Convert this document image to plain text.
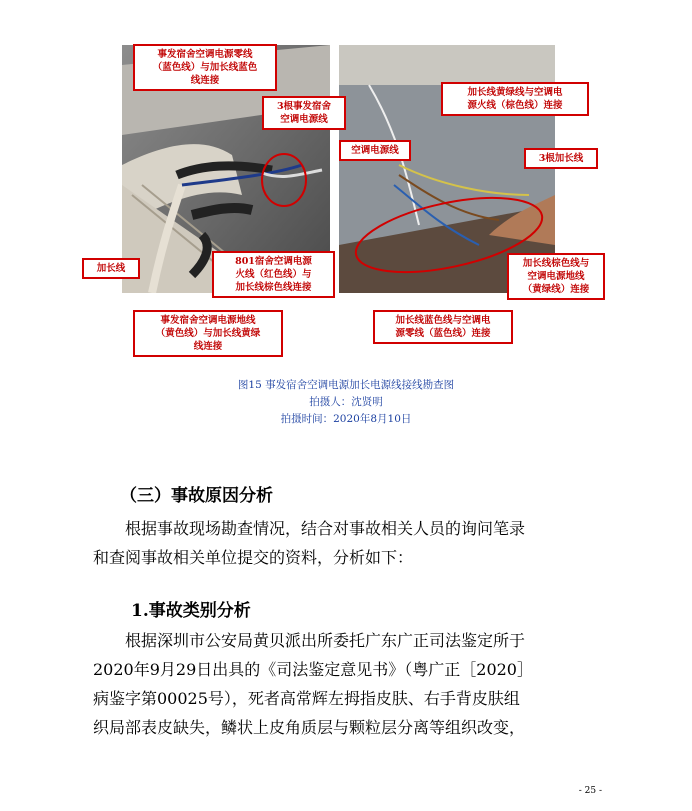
事发宿舍空调电源零线
（蓝色线）与加长线蓝色
线连接
3根事发宿舍
空调电源线
加长线
801宿舍空调电源
火线（红色线）与
加长线棕色线连接
事发宿舍空调电源地线
（黄色线）与加长线黄绿
线连接
空调电源线
加长线黄绿线与空调电
源火线（棕色线）连接
3根加长线
加长线棕色线与
空调电源地线
（黄绿线）连接
加长线蓝色线与空调电
源零线（蓝色线）连接
图15 事发宿舍空调电源加长电源线接线勘查图
拍摄人：沈贤明
拍摄时间：2020年8月10日
（三）事故原因分析
根据事故现场勘查情况，结合对事故相关人员的询问笔录
和查阅事故相关单位提交的资料，分析如下：
1.事故类别分析
根据深圳市公安局黄贝派出所委托广东广正司法鉴定所于
2020年9月29日出具的《司法鉴定意见书》（粤广正［2020］
病鉴字第00025号），死者高常辉左拇指皮肤、右手背皮肤组
织局部表皮缺失，鳞状上皮角质层与颗粒层分离等组织改变，
- 25 -
